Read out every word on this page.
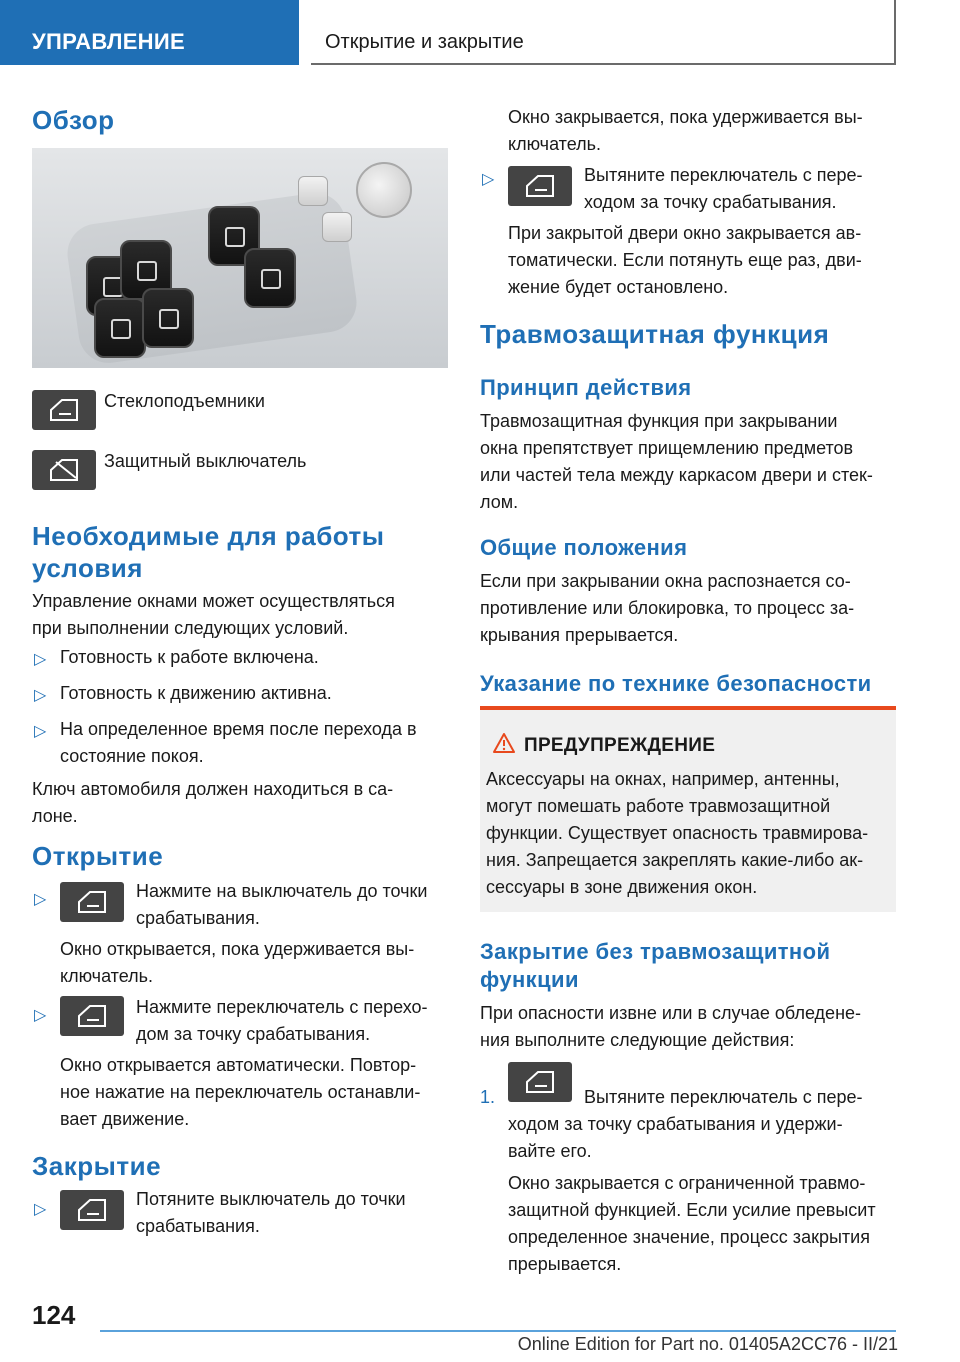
УПРАВЛЕНИЕ	Открытие и закрытие
Обзор
Стеклоподъемники
Защитный выключатель
Необходимые для работы
условия

Управление окнами может осуществляться

при выполнении следующих условий.

▷ Готовность к работе включена.

▷ Готовность к движению активна.

▷ На определенное время после перехода в

состояние покоя.

Ключ автомобиля должен находиться в са-

лоне.

Открытие
▷	Нажмите на выключатель до точки

срабатывания.

Окно открывается, пока удерживается вы-

ключатель.

▷	Нажмите переключатель с перехо-

дом за точку срабатывания.

Окно открывается автоматически. Повтор-

ное нажатие на переключатель останавли-

вает движение.

Закрытие
▷

Потяните выключатель до точки

срабатывания.

Окно закрывается, пока удерживается вы-

ключатель.

▷	Вытяните переключатель с пере-

ходом за точку срабатывания.

При закрытой двери окно закрывается ав-

томатически. Если потянуть еще раз, дви-

жение будет остановлено.

Травмозащитная функция
Принцип действия

Травмозащитная функция при закрывании

окна препятствует прищемлению предметов

или частей тела между каркасом двери и стек-

лом.

Общие положения

Если при закрывании окна распознается со-

противление или блокировка, то процесс за-

крывания прерывается.

Указание по технике безопасности
ПРЕДУПРЕЖДЕНИЕ

Аксессуары на окнах, например, антенны,

могут помешать работе травмозащитной

функции. Существует опасность травмирова-

ния. Запрещается закреплять какие-либо ак-

сессуары в зоне движения окон.

Закрытие без травмозащитной
функции

При опасности извне или в случае обледене-

ния выполните следующие действия:

1.	Вытяните переключатель с пере-

ходом за точку срабатывания и удержи-

вайте его.

Окно закрывается с ограниченной травмо-

защитной функцией. Если усилие превысит

определенное значение, процесс закрытия

прерывается.

124
Online Edition for Part no. 01405A2CC76 - II/21
